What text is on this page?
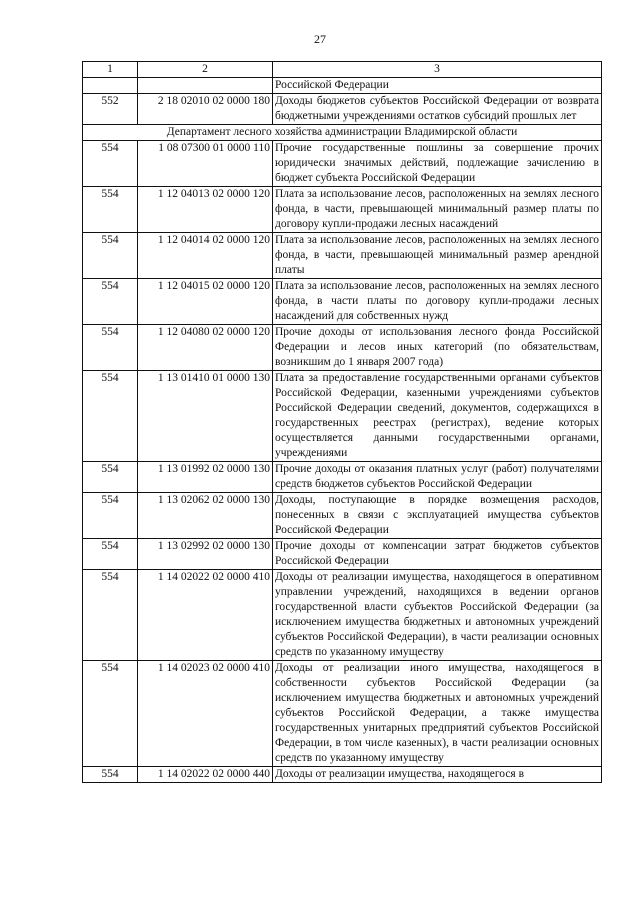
27
1	2	3
		Российской Федерации
552	2 18 02010 02 0000 180	Доходы бюджетов субъектов Российской Федерации от возврата бюджетными учреждениями остатков субсидий прошлых лет
Департамент лесного хозяйства администрации Владимирской области		
554	1 08 07300 01 0000 110	Прочие государственные пошлины за совершение прочих юридически значимых действий, подлежащие зачислению в бюджет субъекта Российской Федерации
554	1 12 04013 02 0000 120	Плата за использование лесов, расположенных на землях лесного фонда, в части, превышающей минимальный размер платы по договору купли-продажи лесных насаждений
554	1 12 04014 02 0000 120	Плата за использование лесов, расположенных на землях лесного фонда, в части, превышающей минимальный размер арендной платы
554	1 12 04015 02 0000 120	Плата за использование лесов, расположенных на землях лесного фонда, в части платы по договору купли-продажи лесных насаждений для собственных нужд
554	1 12 04080 02 0000 120	Прочие доходы от использования лесного фонда Российской Федерации и лесов иных категорий (по обязательствам, возникшим до 1 января 2007 года)
554	1 13 01410 01 0000 130	Плата за предоставление государственными органами субъектов Российской Федерации, казенными учреждениями субъектов Российской Федерации сведений, документов, содержащихся в государственных реестрах (регистрах), ведение которых осуществляется данными государственными органами, учреждениями
554	1 13 01992 02 0000 130	Прочие доходы от оказания платных услуг (работ) получателями средств бюджетов субъектов Российской Федерации
554	1 13 02062 02 0000 130	Доходы, поступающие в порядке возмещения расходов, понесенных в связи с эксплуатацией имущества субъектов Российской Федерации
554	1 13 02992 02 0000 130	Прочие доходы от компенсации затрат бюджетов субъектов Российской Федерации
554	1 14 02022 02 0000 410	Доходы от реализации имущества, находящегося в оперативном управлении учреждений, находящихся в ведении органов государственной власти субъектов Российской Федерации (за исключением имущества бюджетных и автономных учреждений субъектов Российской Федерации), в части реализации основных средств по указанному имуществу
554	1 14 02023 02 0000 410	Доходы от реализации иного имущества, находящегося в собственности субъектов Российской Федерации (за исключением имущества бюджетных и автономных учреждений субъектов Российской Федерации, а также имущества государственных унитарных предприятий субъектов Российской Федерации, в том числе казенных), в части реализации основных средств по указанному имуществу
554	1 14 02022 02 0000 440	Доходы от реализации имущества, находящегося в
